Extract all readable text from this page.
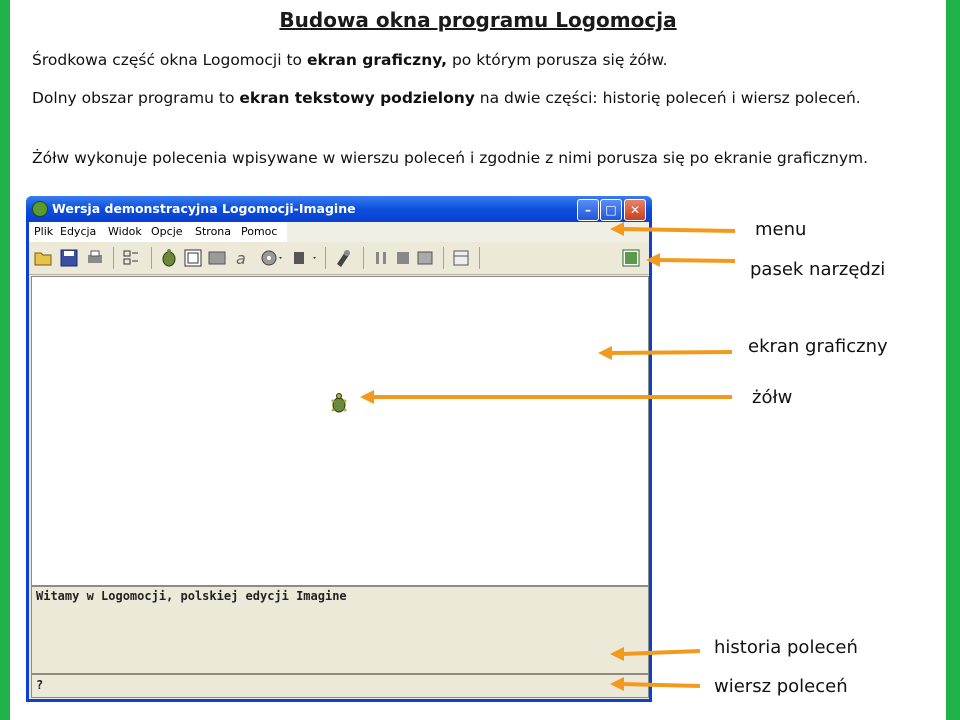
Budowa okna programu Logomocja
Środkowa część okna Logomocji to ekran graficzny, po którym porusza się żółw.
Dolny obszar programu to ekran tekstowy podzielony na dwie części: historię poleceń i wiersz poleceń.
Żółw wykonuje polecenia wpisywane w wierszu poleceń i zgodnie z nimi porusza się po ekranie graficznym.
Wersja demonstracyjna Logomocji-Imagine	–	□	✕
Plik Edycja Widok Opcje Strona Pomoc
a
Witamy w Logomocji, polskiej edycji Imagine
?
menu
pasek narzędzi
ekran graficzny
żółw
historia poleceń
wiersz poleceń
